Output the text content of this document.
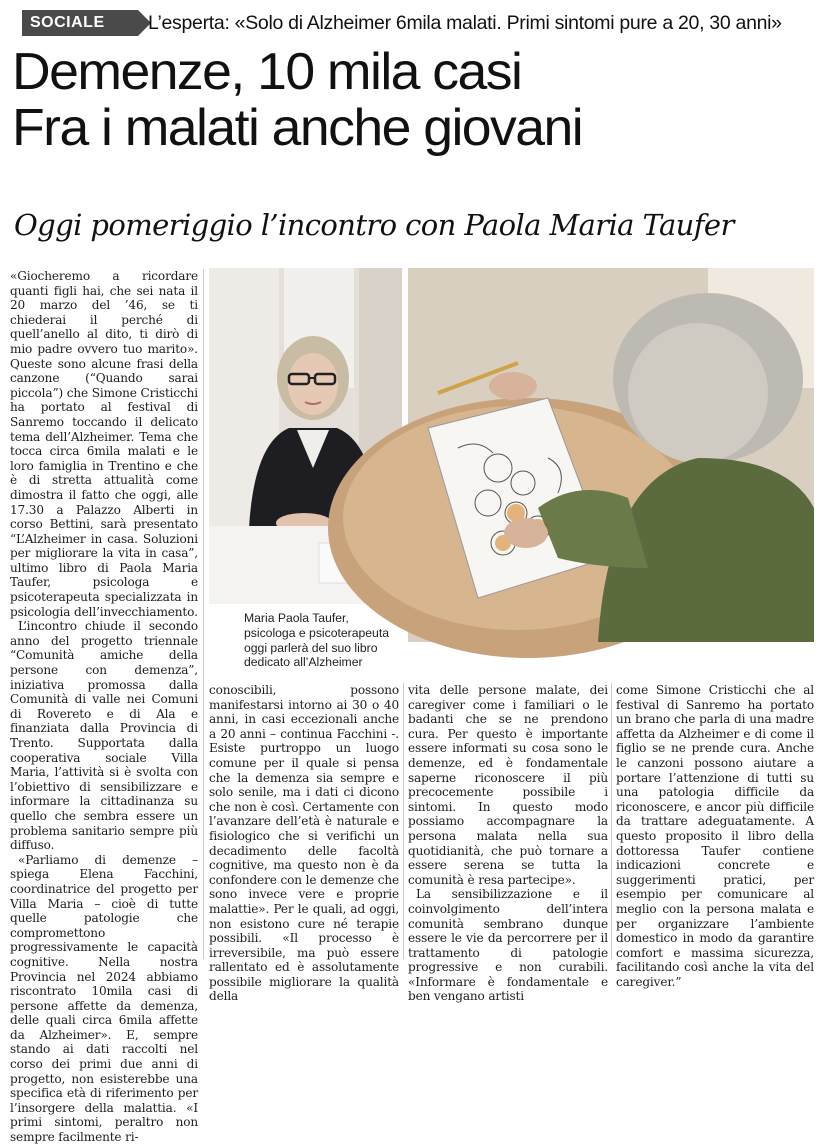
SOCIALE	L’esperta: «Solo di Alzheimer 6mila malati. Primi sintomi pure a 20, 30 anni»
Demenze, 10 mila casi
Fra i malati anche giovani
Oggi pomeriggio l’incontro con Paola Maria Taufer

«Giocheremo a ricordare quanti figli hai, che sei nata il 20 marzo del ’46, se ti chiederai il perché di quell’anello al dito, ti dirò di mio padre ovvero tuo marito». Queste sono alcune frasi della canzone (“Quando sarai piccola”) che Simone Cristicchi ha portato al festival di Sanremo toccando il delicato tema dell’Alzheimer. Tema che tocca circa 6mila malati e le loro famiglia in Trentino e che è di stretta attualità come dimostra il fatto che oggi, alle 17.30 a Palazzo Alberti in corso Bettini, sarà presentato “L’Alzheimer in casa. Soluzioni per migliorare la vita in casa”, ultimo libro di Paola Maria Taufer, psicologa e psicoterapeuta specializzata in psicologia dell’invecchiamento.

L’incontro chiude il secondo anno del progetto triennale “Comunità amiche della persone con demenza”, iniziativa promossa dalla Comunità di valle nei Comuni di Rovereto e di Ala e finanziata dalla Provincia di Trento. Supportata dalla cooperativa sociale Villa Maria, l’attività si è svolta con l’obiettivo di sensibilizzare e informare la cittadinanza su quello che sembra essere un problema sanitario sempre più diffuso.

«Parliamo di demenze – spiega Elena Facchini, coordinatrice del progetto per Villa Maria – cioè di tutte quelle patologie che compromettono progressivamente le capacità cognitive. Nella nostra Provincia nel 2024 abbiamo riscontrato 10mila casi di persone affette da demenza, delle quali circa 6mila affette da Alzheimer». E, sempre stando ai dati raccolti nel corso dei primi due anni di progetto, non esisterebbe una specifica età di riferimento per l’insorgere della malattia. «I primi sintomi, peraltro non sempre facilmente ri-

Maria Paola Taufer,
psicologa e psicoterapeuta
oggi parlerà del suo libro
dedicato all’Alzheimer

conoscibili, possono manifestarsi intorno ai 30 o 40 anni, in casi eccezionali anche a 20 anni – continua Facchini -. Esiste purtroppo un luogo comune per il quale si pensa che la demenza sia sempre e solo senile, ma i dati ci dicono che non è così. Certamente con l’avanzare dell’età è naturale e fisiologico che si verifichi un decadimento delle facoltà cognitive, ma questo non è da confondere con le demenze che sono invece vere e proprie malattie». Per le quali, ad oggi, non esistono cure né terapie possibili. «Il processo è irreversibile, ma può essere rallentato ed è assolutamente possibile migliorare la qualità della

vita delle persone malate, dei caregiver come i familiari o le badanti che se ne prendono cura. Per questo è importante essere informati su cosa sono le demenze, ed è fondamentale saperne riconoscere il più precocemente possibile i sintomi. In questo modo possiamo accompagnare la persona malata nella sua quotidianità, che può tornare a essere serena se tutta la comunità è resa partecipe».

La sensibilizzazione e il coinvolgimento dell’intera comunità sembrano dunque essere le vie da percorrere per il trattamento di patologie progressive e non curabili. «Informare è fondamentale e ben vengano artisti

come Simone Cristicchi che al festival di Sanremo ha portato un brano che parla di una madre affetta da Alzheimer e di come il figlio se ne prende cura. Anche le canzoni possono aiutare a portare l’attenzione di tutti su una patologia difficile da riconoscere, e ancor più difficile da trattare adeguatamente. A questo proposito il libro della dottoressa Taufer contiene indicazioni concrete e suggerimenti pratici, per esempio per comunicare al meglio con la persona malata e per organizzare l’ambiente domestico in modo da garantire comfort e massima sicurezza, facilitando così anche la vita del caregiver.”
